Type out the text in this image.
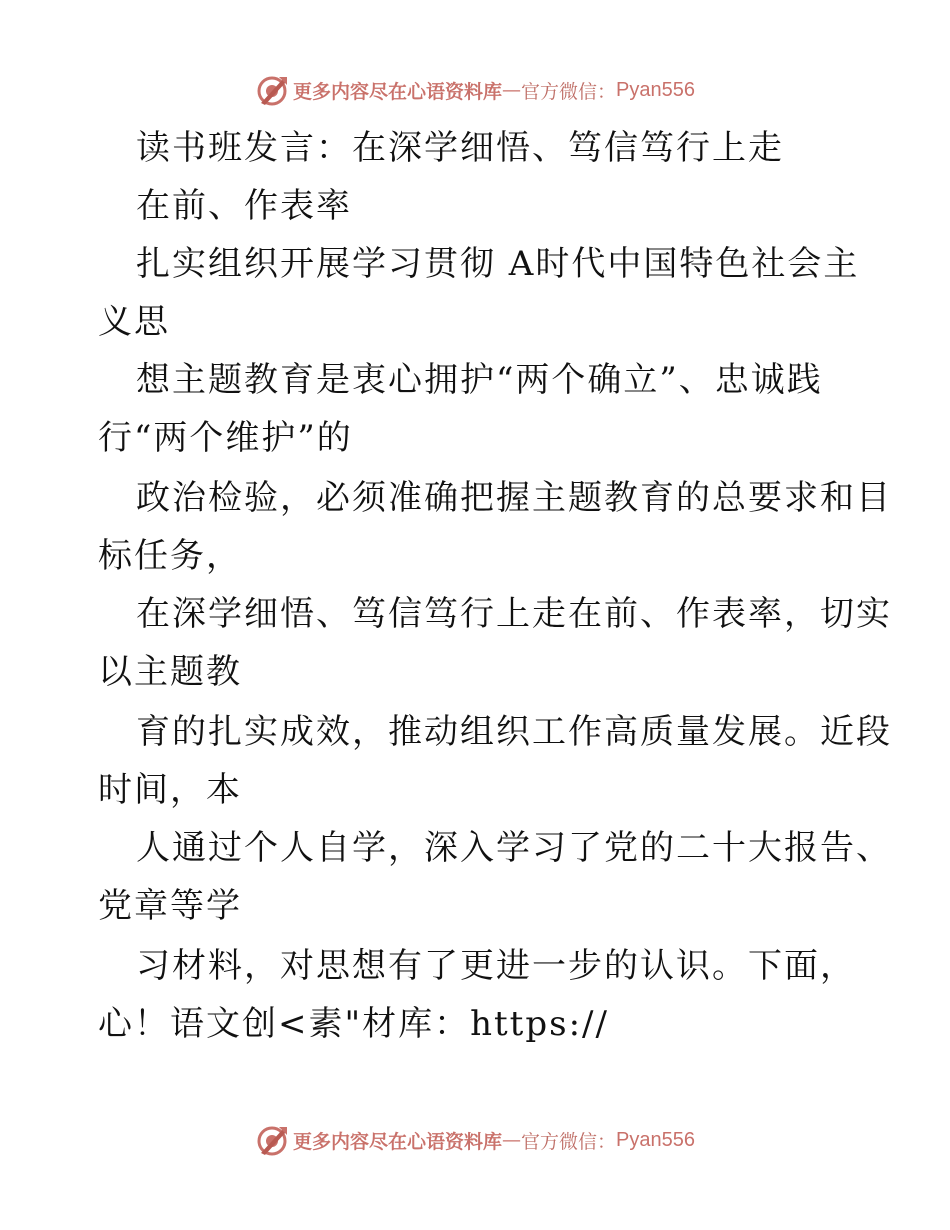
更多内容尽在心语资料库 — 官方微信： Pyan556
读书班发言：在深学细悟、笃信笃行上走
在前、作表率
扎实组织开展学习贯彻 A时代中国特色社会主
义思
想主题教育是衷心拥护“两个确立”、忠诚践
行“两个维护”的
政治检验，必须准确把握主题教育的总要求和目
标任务，
在深学细悟、笃信笃行上走在前、作表率，切实
以主题教
育的扎实成效，推动组织工作高质量发展。近段
时间，本
人通过个人自学，深入学习了党的二十大报告、
党章等学
习材料，对思想有了更进一步的认识。下面，
心！语文创<素"材库：https://
更多内容尽在心语资料库 — 官方微信： Pyan556
